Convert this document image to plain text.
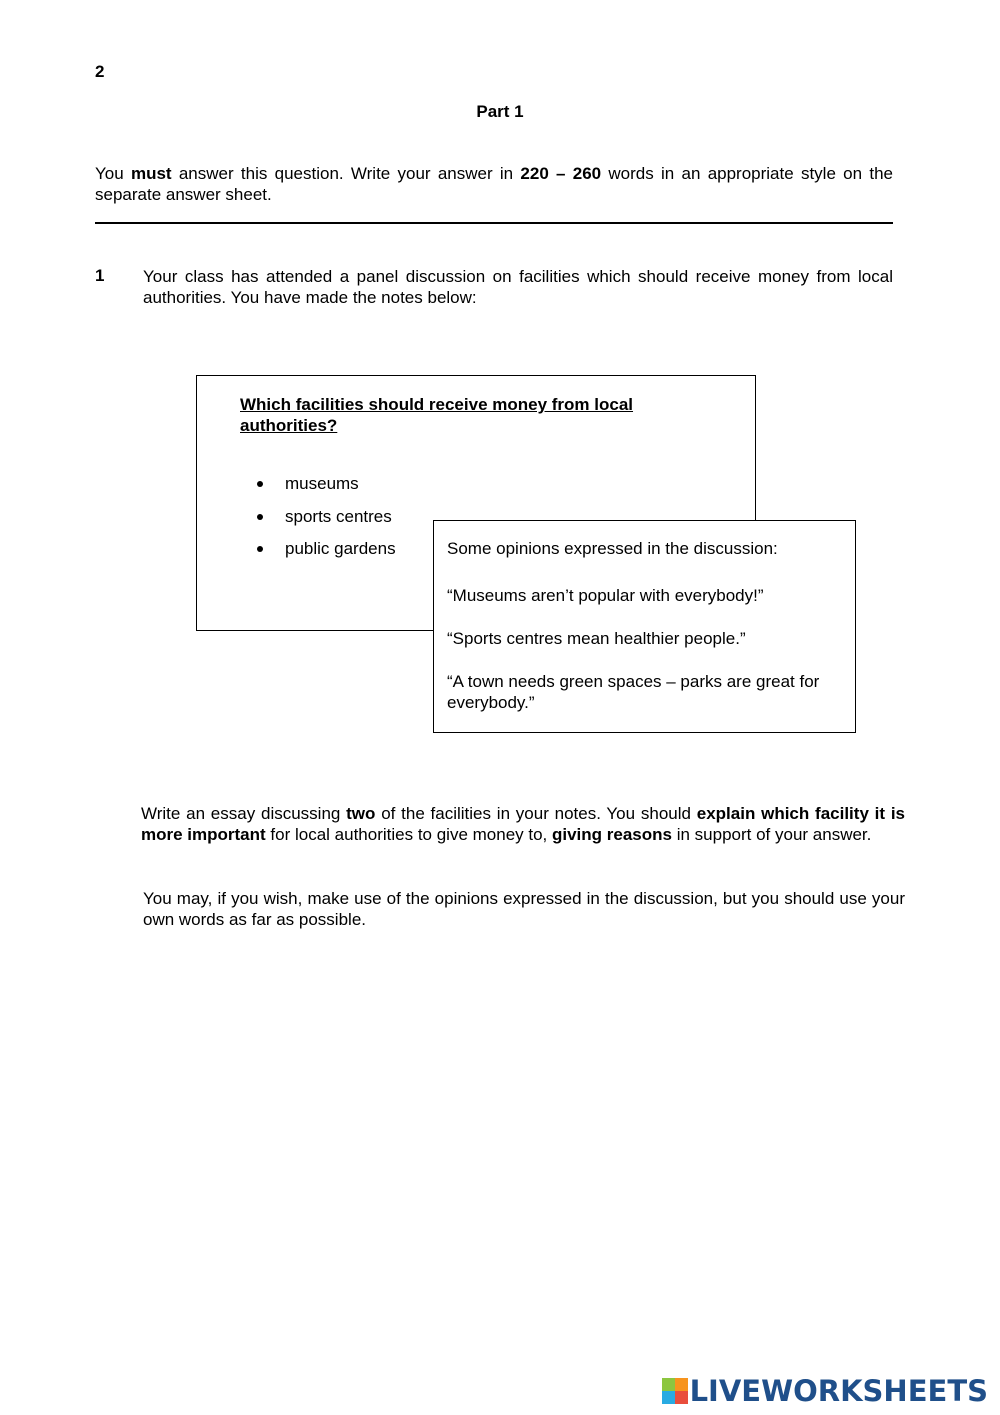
2
Part 1
You must answer this question. Write your answer in 220 – 260 words in an appropriate style on the separate answer sheet.
1 Your class has attended a panel discussion on facilities which should receive money from local authorities. You have made the notes below:
Which facilities should receive money from local authorities?
museums
sports centres
public gardens	Some opinions expressed in the discussion:
“Museums aren’t popular with everybody!”
“Sports centres mean healthier people.”
“A town needs green spaces – parks are great for everybody.”
Write an essay discussing two of the facilities in your notes. You should explain which facility it is more important for local authorities to give money to, giving reasons in support of your answer.
You may, if you wish, make use of the opinions expressed in the discussion, but you should use your own words as far as possible.
LIVEWORKSHEETS
